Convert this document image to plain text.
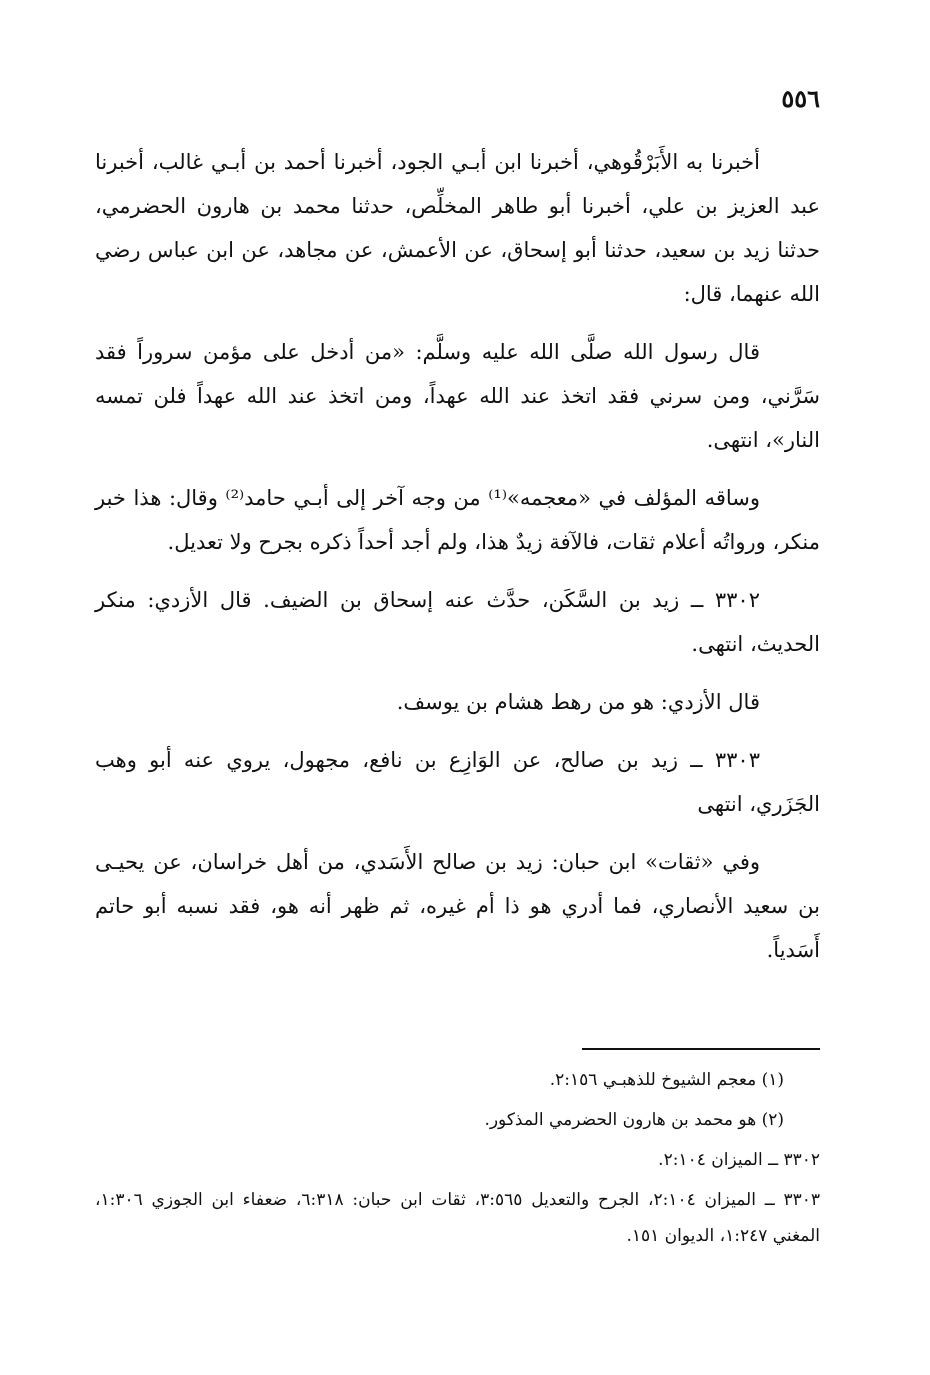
٥٥٦

أخبرنا به الأَبَرْقُوهي، أخبرنا ابن أبـي الجود، أخبرنا أحمد بن أبـي غالب، أخبرنا عبد العزيز بن علي، أخبرنا أبو طاهر المخلِّص، حدثنا محمد بن هارون الحضرمي، حدثنا زيد بن سعيد، حدثنا أبو إسحاق، عن الأعمش، عن مجاهد، عن ابن عباس رضي الله عنهما، قال:

قال رسول الله صلَّى الله عليه وسلَّم: «من أدخل على مؤمن سروراً فقد سَرَّني، ومن سرني فقد اتخذ عند الله عهداً، ومن اتخذ عند الله عهداً فلن تمسه النار»، انتهى.

وساقه المؤلف في «معجمه»⁽¹⁾ من وجه آخر إلى أبـي حامد⁽²⁾ وقال: هذا خبر منكر، ورواتُه أعلام ثقات، فالآفة زيدٌ هذا، ولم أجد أحداً ذكره بجرح ولا تعديل.

٣٣٠٢ ــ زيد بن السَّكَن، حدَّث عنه إسحاق بن الضيف. قال الأزدي: منكر الحديث، انتهى.

قال الأزدي: هو من رهط هشام بن يوسف.

٣٣٠٣ ــ زيد بن صالح، عن الوَازِع بن نافع، مجهول، يروي عنه أبو وهب الجَزَري، انتهى

وفي «ثقات» ابن حبان: زيد بن صالح الأَسَدي، من أهل خراسان، عن يحيـى بن سعيد الأنصاري، فما أدري هو ذا أم غيره، ثم ظهر أنه هو، فقد نسبه أبو حاتم أَسَدياً.

(١) معجم الشيوخ للذهبـي ٢:١٥٦.

(٢) هو محمد بن هارون الحضرمي المذكور.

٣٣٠٢ ــ الميزان ٢:١٠٤.

٣٣٠٣ ــ الميزان ٢:١٠٤، الجرح والتعديل ٣:٥٦٥، ثقات ابن حبان: ٦:٣١٨، ضعفاء ابن الجوزي ١:٣٠٦، المغني ١:٢٤٧، الديوان ١٥١.
